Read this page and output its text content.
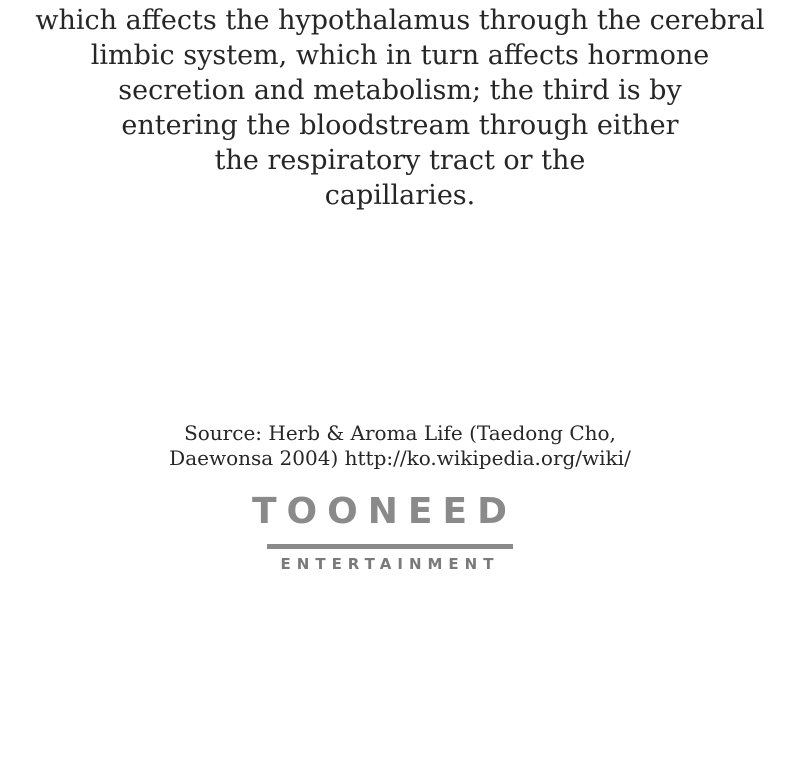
which affects the hypothalamus through the cerebral
limbic system, which in turn affects hormone
secretion and metabolism; the third is by
entering the bloodstream through either
the respiratory tract or the
capillaries.
Source: Herb & Aroma Life (Taedong Cho,
Daewonsa 2004) http://ko.wikipedia.org/wiki/
TOONEED
ENTERTAINMENT
